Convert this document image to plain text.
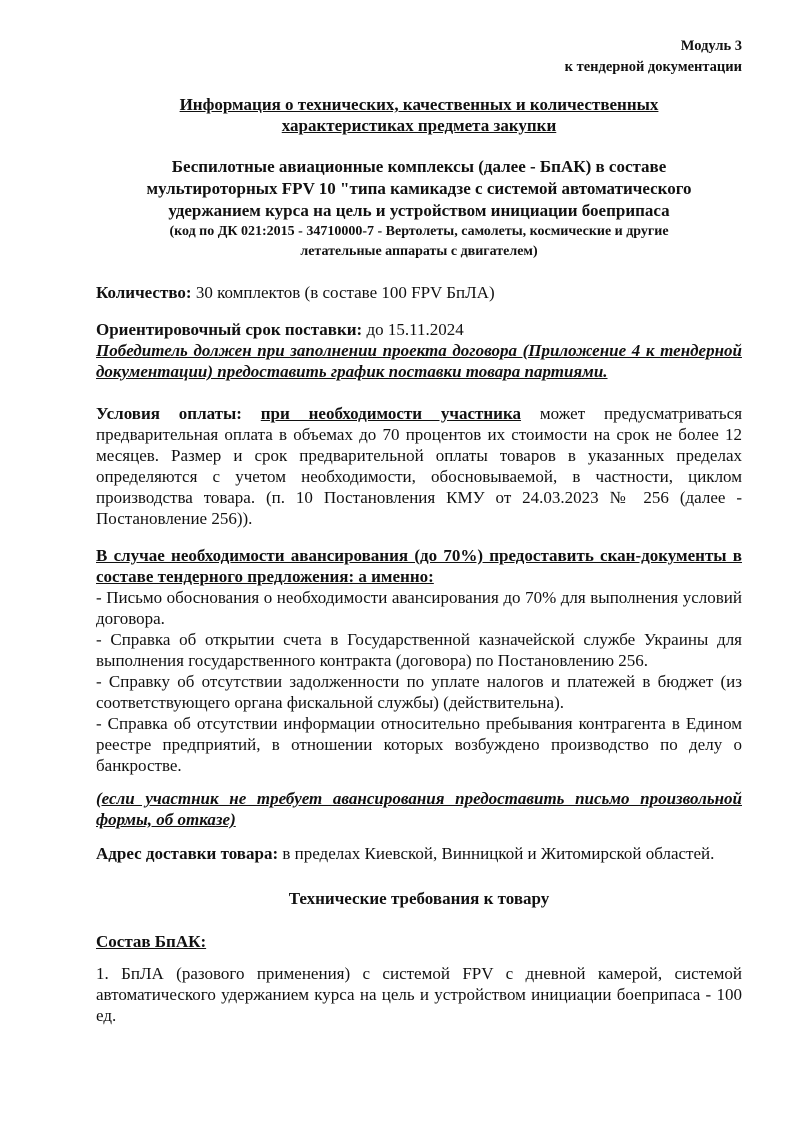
Модуль 3
к тендерной документации
Информация о технических, качественных и количественных
характеристиках предмета закупки
Беспилотные авиационные комплексы (далее - БпАК) в составе
мультироторных FPV 10 "типа камикадзе с системой автоматического
удержанием курса на цель и устройством инициации боеприпаса
(код по ДК 021:2015 - 34710000-7 - Вертолеты, самолеты, космические и другие
летательные аппараты с двигателем)

Количество: 30 комплектов (в составе 100 FPV БпЛА)

Ориентировочный срок поставки: до 15.11.2024

Победитель должен при заполнении проекта договора (Приложение 4 к тендерной документации) предоставить график поставки товара партиями.

Условия оплаты: при необходимости участника может предусматриваться предварительная оплата в объемах до 70 процентов их стоимости на срок не более 12 месяцев. Размер и срок предварительной оплаты товаров в указанных пределах определяются с учетом необходимости, обосновываемой, в частности, циклом производства товара. (п. 10 Постановления КМУ от 24.03.2023 № 256 (далее - Постановление 256)).

В случае необходимости авансирования (до 70%) предоставить скан-документы в составе тендерного предложения: а именно:

- Письмо обоснования о необходимости авансирования до 70% для выполнения условий договора.

- Справка об открытии счета в Государственной казначейской службе Украины для выполнения государственного контракта (договора) по Постановлению 256.

- Справку об отсутствии задолженности по уплате налогов и платежей в бюджет (из соответствующего органа фискальной службы) (действительна).

- Справка об отсутствии информации относительно пребывания контрагента в Едином реестре предприятий, в отношении которых возбуждено производство по делу о банкростве.

(если участник не требует авансирования предоставить письмо произвольной формы, об отказе)

Адрес доставки товара: в пределах Киевской, Винницкой и Житомирской областей.

Технические требования к товару

Состав БпАК:

1. БпЛА (разового применения) с системой FPV с дневной камерой, системой автоматического удержанием курса на цель и устройством инициации боеприпаса - 100 ед.
